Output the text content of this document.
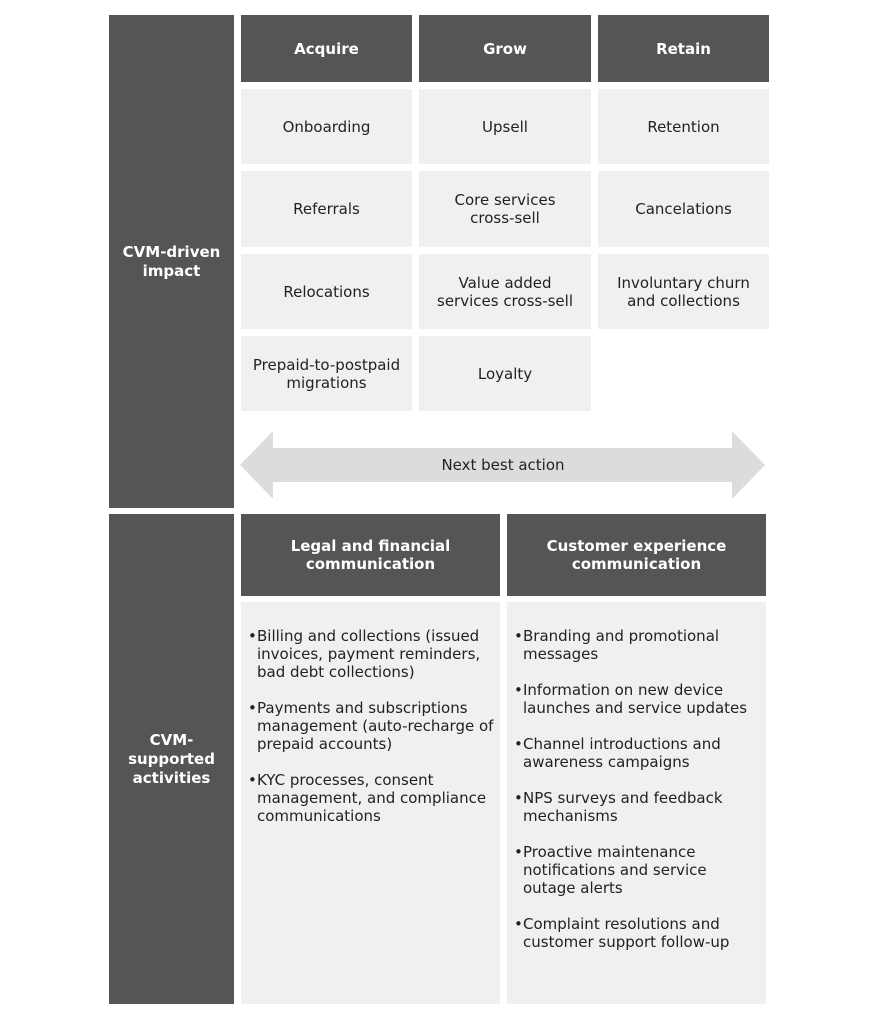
CVM-driven impact
CVM-supported activities
Acquire	Grow	Retain
Onboarding
Referrals
Relocations
Prepaid-to-postpaid migrations
Upsell
Core services cross-sell
Value added services cross-sell
Loyalty
Retention
Cancelations
Involuntary churn and collections
Next best action
Legal and financial communication
Customer experience communication
• Billing and collections (issued invoices, payment reminders, bad debt collections)
• Payments and subscriptions management (auto-recharge of prepaid accounts)
• KYC processes, consent management, and compliance communications
• Branding and promotional messages
• Information on new device launches and service updates
• Channel introductions and awareness campaigns
• NPS surveys and feedback mechanisms
• Proactive maintenance notifications and service outage alerts
• Complaint resolutions and customer support follow-up
